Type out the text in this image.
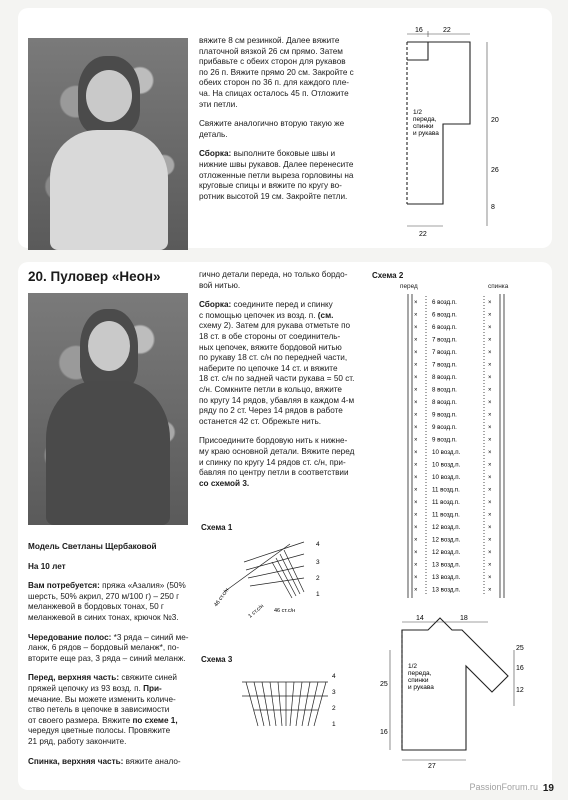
вяжите 8 см резинкой. Далее вяжите
платочной вязкой 26 см прямо. Затем
прибавьте с обеих сторон для рукавов
по 26 п. Вяжите прямо 20 см. Закройте с
обеих сторон по 36 п. для каждого пле-
ча. На спицах осталось 45 п. Отложите
эти петли.

Свяжите аналогично вторую такую же
деталь.

Сборка: выполните боковые швы и
нижние швы рукавов. Далее перенесите
отложенные петли выреза горловины на
круговые спицы и вяжите по кругу во-
ротник высотой 19 см. Закройте петли.

16	22
1/2
переда,
спинки
и рукава
20
26
8
22
20. Пуловер «Неон»

Модель Светланы Щербаковой

На 10 лет

Вам потребуется: пряжа «Азалия» (50%
шерсть, 50% акрил, 270 м/100 г) – 250 г
меланжевой в бордовых тонах, 50 г
меланжевой в синих тонах, крючок №3.

Чередование полос: *3 ряда – синий ме-
ланж, 6 рядов – бордовый меланж*, по-
вторите еще раз, 3 ряда – синий меланж.

Перед, верхняя часть: свяжите синей
пряжей цепочку из 93 возд. п. При-
мечание. Вы можете изменить количе-
ство петель в цепочке в зависимости
от своего размера. Вяжите по схеме 1,
чередуя цветные полосы. Провяжите
21 ряд, работу закончите.

Спинка, верхняя часть: вяжите анало-

гично детали переда, но только бордо-
вой нитью.

Сборка: соедините перед и спинку
с помощью цепочек из возд. п. (см.
схему 2). Затем для рукава отметьте по
18 ст. в обе стороны от соединитель-
ных цепочек, вяжите бордовой нитью
по рукаву 18 ст. с/н по передней части,
наберите по цепочке 14 ст. и вяжите
18 ст. с/н по задней части рукава = 50 ст.
с/н. Сомкните петли в кольцо, вяжите
по кругу 14 рядов, убавляя в каждом 4-м
ряду по 2 ст. Через 14 рядов в работе
останется 42 ст. Обрежьте нить.

Присоедините бордовую нить к нижне-
му краю основной детали. Вяжите перед
и спинку по кругу 14 рядов ст. с/н, при-
бавляя по центру петли в соответствии
со схемой 3.

Схема 1
4
3
2
1
46 ст.с/н
46 ст.с/н
1 ст.с/н
Схема 3
4
3
2
1
Схема 2
перед	спинка
6 возд.п.
×	×
6 возд.п.
×	×
6 возд.п.
×	×
7 возд.п.
×	×
7 возд.п.
×	×
7 возд.п.
×	×
8 возд.п.
×	×
8 возд.п.
×	×
8 возд.п.
×	×
9 возд.п.
×	×
9 возд.п.
×	×
9 возд.п.
×	×
10 возд.п.
×	×
10 возд.п.
×	×
10 возд.п.
×	×
11 возд.п.
×	×
11 возд.п.
×	×
11 возд.п.
×	×
12 возд.п.
×	×
12 возд.п.
×	×
12 возд.п.
×	×
13 возд.п.
×	×
13 возд.п.
×	×
13 возд.п.
×	×
14	18
1/2
переда,
спинки
и рукава
25
16
12
25
16
27
PassionForum.ru 19
